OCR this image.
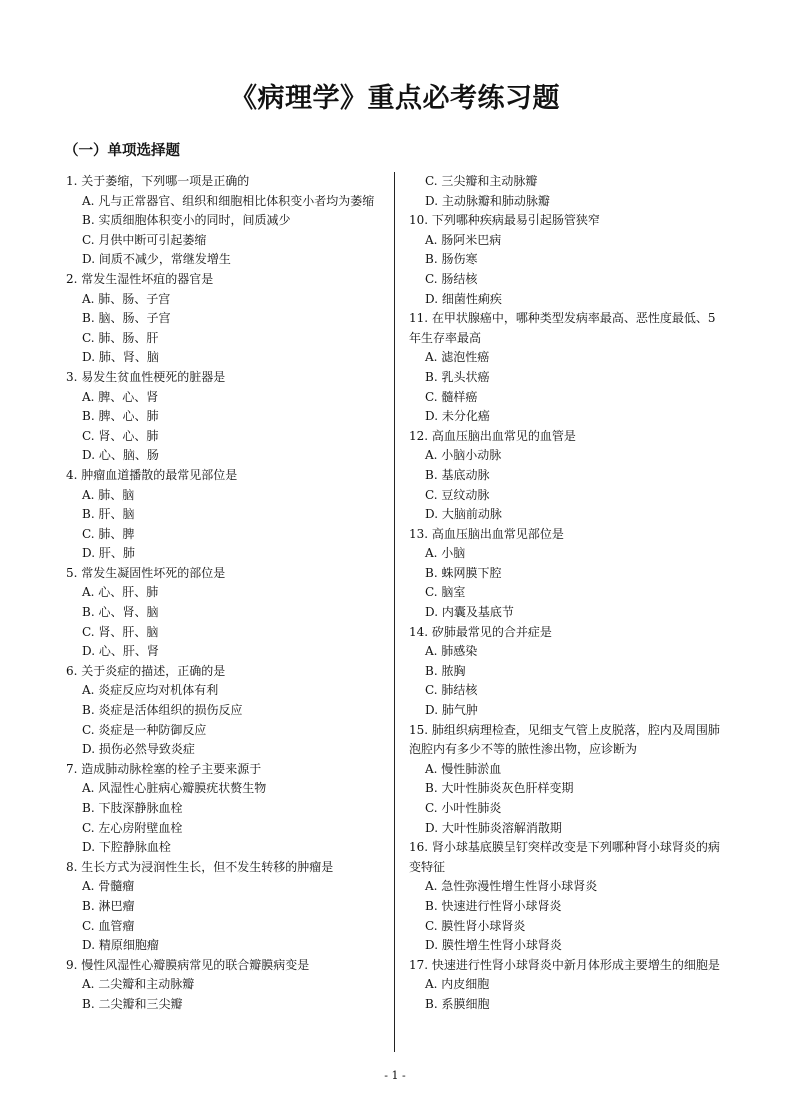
《病理学》重点必考练习题
（一）单项选择题

1. 关于萎缩，下列哪一项是正确的

A. 凡与正常器官、组织和细胞相比体积变小者均为萎缩
B. 实质细胞体积变小的同时，间质减少
C. 月供中断可引起萎缩
D. 间质不减少，常继发增生

2. 常发生湿性坏疽的器官是

A. 肺、肠、子宫
B. 脑、肠、子宫
C. 肺、肠、肝
D. 肺、肾、脑

3. 易发生贫血性梗死的脏器是

A. 脾、心、肾
B. 脾、心、肺
C. 肾、心、肺
D. 心、脑、肠

4. 肿瘤血道播散的最常见部位是

A. 肺、脑
B. 肝、脑
C. 肺、脾
D. 肝、肺

5. 常发生凝固性坏死的部位是

A. 心、肝、肺
B. 心、肾、脑
C. 肾、肝、脑
D. 心、肝、肾

6. 关于炎症的描述，正确的是

A. 炎症反应均对机体有利
B. 炎症是活体组织的损伤反应
C. 炎症是一种防御反应
D. 损伤必然导致炎症

7. 造成肺动脉栓塞的栓子主要来源于

A. 风湿性心脏病心瓣膜疣状赘生物
B. 下肢深静脉血栓
C. 左心房附壁血栓
D. 下腔静脉血栓

8. 生长方式为浸润性生长，但不发生转移的肿瘤是

A. 骨髓瘤
B. 淋巴瘤
C. 血管瘤
D. 精原细胞瘤

9. 慢性风湿性心瓣膜病常见的联合瓣膜病变是

A. 二尖瓣和主动脉瓣
B. 二尖瓣和三尖瓣
C. 三尖瓣和主动脉瓣
D. 主动脉瓣和肺动脉瓣

10. 下列哪种疾病最易引起肠管狭窄

A. 肠阿米巴病
B. 肠伤寒
C. 肠结核
D. 细菌性痢疾

11. 在甲状腺癌中，哪种类型发病率最高、恶性度最低、5 年生存率最高

A. 滤泡性癌
B. 乳头状癌
C. 髓样癌
D. 未分化癌

12. 高血压脑出血常见的血管是

A. 小脑小动脉
B. 基底动脉
C. 豆纹动脉
D. 大脑前动脉

13. 高血压脑出血常见部位是

A. 小脑
B. 蛛网膜下腔
C. 脑室
D. 内囊及基底节

14. 矽肺最常见的合并症是

A. 肺感染
B. 脓胸
C. 肺结核
D. 肺气肿

15. 肺组织病理检查，见细支气管上皮脱落，腔内及周围肺泡腔内有多少不等的脓性渗出物，应诊断为

A. 慢性肺淤血
B. 大叶性肺炎灰色肝样变期
C. 小叶性肺炎
D. 大叶性肺炎溶解消散期

16. 肾小球基底膜呈钉突样改变是下列哪种肾小球肾炎的病变特征

A. 急性弥漫性增生性肾小球肾炎
B. 快速进行性肾小球肾炎
C. 膜性肾小球肾炎
D. 膜性增生性肾小球肾炎

17. 快速进行性肾小球肾炎中新月体形成主要增生的细胞是

A. 内皮细胞
B. 系膜细胞
- 1 -
